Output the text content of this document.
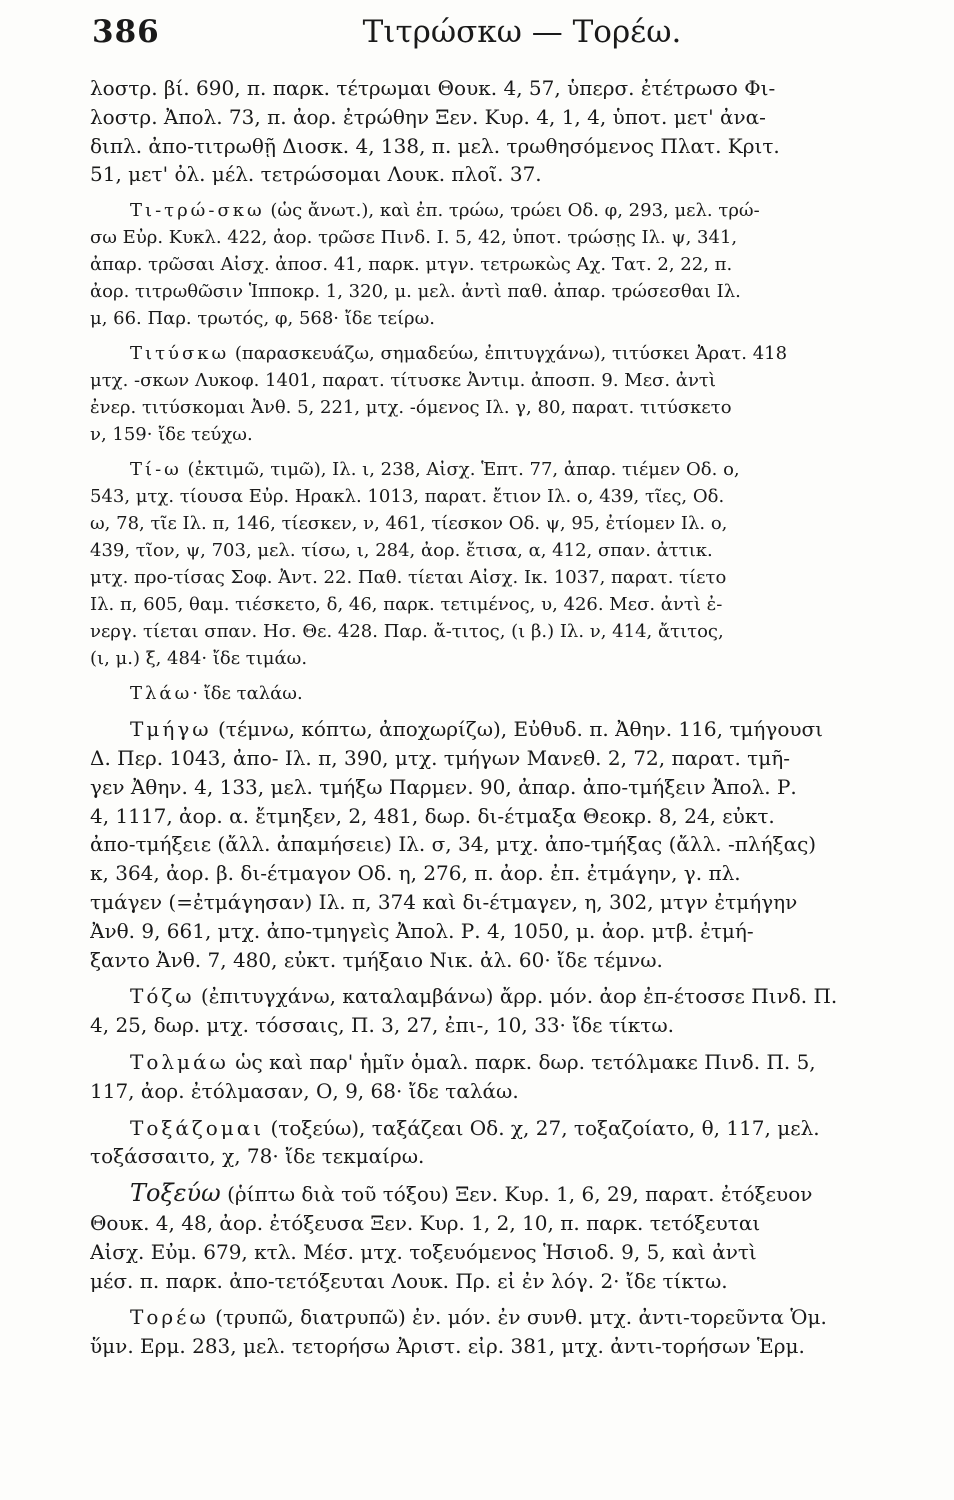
386	Τιτρώσκω — Τορέω.
λοστρ. βί. 690, π. παρκ. τέτρωμαι Θουκ. 4, 57, ὑπερσ. ἐτέτρωσο Φι-
λοστρ. Ἀπολ. 73, π. ἀορ. ἐτρώθην Ξεν. Κυρ. 4, 1, 4, ὑποτ. μετ' ἀνα-
διπλ. ἀπο-τιτρωθῇ Διοσκ. 4, 138, π. μελ. τρωθησόμενος Πλατ. Κριτ.
51, μετ' ὀλ. μέλ. τετρώσομαι Λουκ. πλοῖ. 37.
Τι-τρώ-σκω (ὡς ἄνωτ.), καὶ ἐπ. τρώω, τρώει Οδ. φ, 293, μελ. τρώ-
σω Εὐρ. Κυκλ. 422, ἀορ. τρῶσε Πινδ. Ι. 5, 42, ὑποτ. τρώσῃς Ιλ. ψ, 341,
ἀπαρ. τρῶσαι Αἰσχ. ἀποσ. 41, παρκ. μτγν. τετρωκὼς Αχ. Τατ. 2, 22, π.
ἀορ. τιτρωθῶσιν Ἱπποκρ. 1, 320, μ. μελ. ἀντὶ παθ. ἀπαρ. τρώσεσθαι Ιλ.
μ, 66. Παρ. τρωτός, φ, 568· ἴδε τείρω.
Τιτύσκω (παρασκευάζω, σημαδεύω, ἐπιτυγχάνω), τιτύσκει Ἀρατ. 418
μτχ. -σκων Λυκοφ. 1401, παρατ. τίτυσκε Ἀντιμ. ἀποσπ. 9. Μεσ. ἀντὶ
ἐνερ. τιτύσκομαι Ἀνθ. 5, 221, μτχ. -όμενος Ιλ. γ, 80, παρατ. τιτύσκετο
ν, 159· ἴδε τεύχω.
Τί-ω (ἐκτιμῶ, τιμῶ), Ιλ. ι, 238, Αἰσχ. Ἑπτ. 77, ἀπαρ. τιέμεν Οδ. ο,
543, μτχ. τίουσα Εὐρ. Ηρακλ. 1013, παρατ. ἔτιον Ιλ. ο, 439, τῖες, Οδ.
ω, 78, τῖε Ιλ. π, 146, τίεσκεν, ν, 461, τίεσκον Οδ. ψ, 95, ἐτίομεν Ιλ. ο,
439, τῖον, ψ, 703, μελ. τίσω, ι, 284, ἀορ. ἔτισα, α, 412, σπαν. ἀττικ.
μτχ. προ-τίσας Σοφ. Ἀντ. 22. Παθ. τίεται Αἰσχ. Ικ. 1037, παρατ. τίετο
Ιλ. π, 605, θαμ. τιέσκετο, δ, 46, παρκ. τετιμένος, υ, 426. Μεσ. ἀντὶ ἐ-
νεργ. τίεται σπαν. Ησ. Θε. 428. Παρ. ἄ-τιτος, (ι β.) Ιλ. ν, 414, ἄτιτος,
(ι, μ.) ξ, 484· ἴδε τιμάω.
Τλάω· ἴδε ταλάω.
Τμήγω (τέμνω, κόπτω, ἀποχωρίζω), Εὐθυδ. π. Ἀθην. 116, τμήγουσι
Δ. Περ. 1043, ἀπο- Ιλ. π, 390, μτχ. τμήγων Μανεθ. 2, 72, παρατ. τμῆ-
γεν Ἀθην. 4, 133, μελ. τμήξω Παρμεν. 90, ἀπαρ. ἀπο-τμήξειν Ἀπολ. Ρ.
4, 1117, ἀορ. α. ἔτμηξεν, 2, 481, δωρ. δι-έτμαξα Θεοκρ. 8, 24, εὐκτ.
ἀπο-τμήξειε (ἄλλ. ἀπαμήσειε) Ιλ. σ, 34, μτχ. ἀπο-τμήξας (ἄλλ. -πλήξας)
κ, 364, ἀορ. β. δι-έτμαγον Οδ. η, 276, π. ἀορ. ἐπ. ἐτμάγην, γ. πλ.
τμάγεν (=ἐτμάγησαν) Ιλ. π, 374 καὶ δι-έτμαγεν, η, 302, μτγν ἐτμήγην
Ἀνθ. 9, 661, μτχ. ἀπο-τμηγεὶς Ἀπολ. Ρ. 4, 1050, μ. ἀορ. μτβ. ἐτμή-
ξαντο Ἀνθ. 7, 480, εὐκτ. τμήξαιο Νικ. ἀλ. 60· ἴδε τέμνω.
Τόζω (ἐπιτυγχάνω, καταλαμβάνω) ἄρρ. μόν. ἀορ ἐπ-έτοσσε Πινδ. Π.
4, 25, δωρ. μτχ. τόσσαις, Π. 3, 27, ἐπι-, 10, 33· ἴδε τίκτω.
Τολμάω ὡς καὶ παρ' ἡμῖν ὁμαλ. παρκ. δωρ. τετόλμακε Πινδ. Π. 5,
117, ἀορ. ἐτόλμασαν, Ο, 9, 68· ἴδε ταλάω.
Τοξάζομαι (τοξεύω), ταξάζεαι Οδ. χ, 27, τοξαζοίατο, θ, 117, μελ.
τοξάσσαιτο, χ, 78· ἴδε τεκμαίρω.
Τοξεύω (ῥίπτω διὰ τοῦ τόξου) Ξεν. Κυρ. 1, 6, 29, παρατ. ἐτόξευον
Θουκ. 4, 48, ἀορ. ἐτόξευσα Ξεν. Κυρ. 1, 2, 10, π. παρκ. τετόξευται
Αἰσχ. Εὐμ. 679, κτλ. Μέσ. μτχ. τοξευόμενος Ἡσιοδ. 9, 5, καὶ ἀντὶ
μέσ. π. παρκ. ἀπο-τετόξευται Λουκ. Πρ. εἰ ἐν λόγ. 2· ἴδε τίκτω.
Τορέω (τρυπῶ, διατρυπῶ) ἐν. μόν. ἐν συνθ. μτχ. ἀντι-τορεῦντα Ὁμ.
ὕμν. Ερμ. 283, μελ. τετορήσω Ἀριστ. εἰρ. 381, μτχ. ἀντι-τορήσων Ἑρμ.
